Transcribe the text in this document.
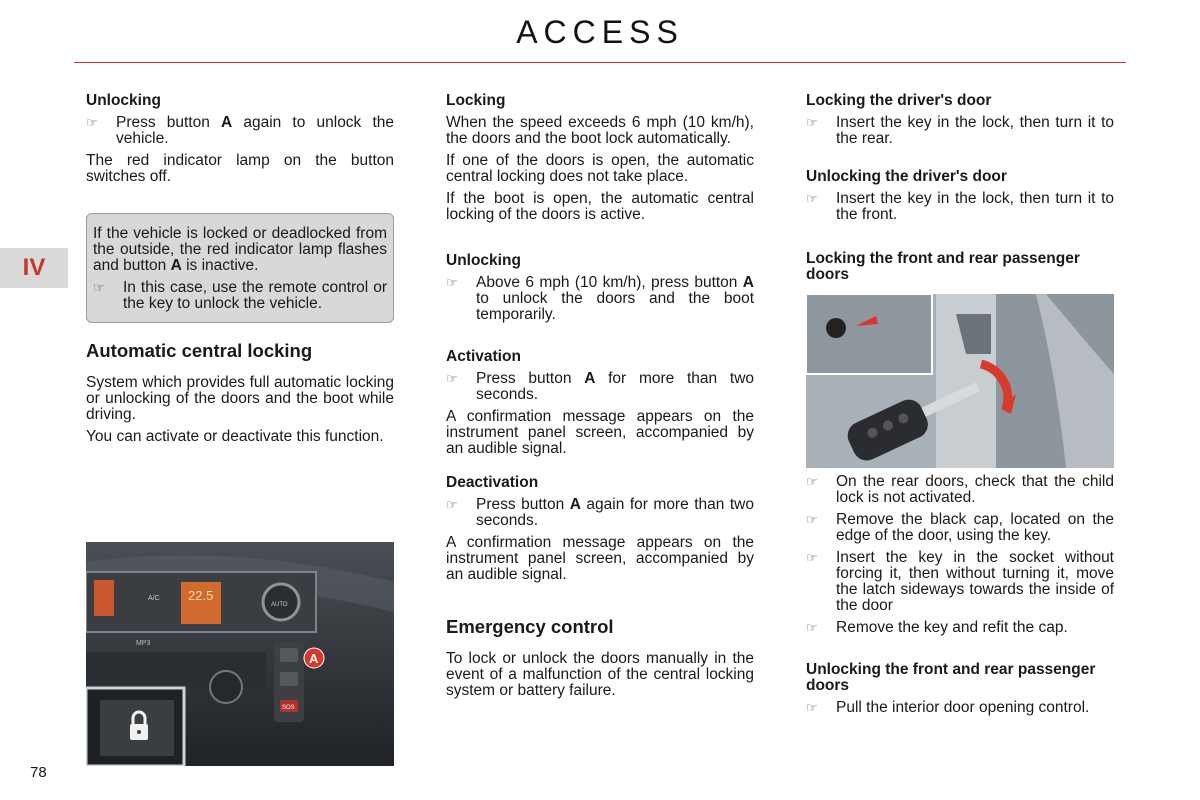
ACCESS
IV
78
Unlocking
☞	Press button A again to unlock the vehicle.

The red indicator lamp on the button switches off.

If the vehicle is locked or deadlocked from the outside, the red indicator lamp flashes and button A is inactive.

☞	In this case, use the remote control or the key to unlock the vehicle.
Automatic central locking

System which provides full automatic locking or unlocking of the doors and the boot while driving.

You can activate or deactivate this function.

22.5
AUTO
A/C
MP3
SOS
A
Locking

When the speed exceeds 6 mph (10 km/h), the doors and the boot lock automatically.

If one of the doors is open, the automatic central locking does not take place.

If the boot is open, the automatic central locking of the doors is active.

Unlocking
☞	Above 6 mph (10 km/h), press button A to unlock the doors and the boot temporarily.
Activation
☞	Press button A for more than two seconds.

A confirmation message appears on the instrument panel screen, accompanied by an audible signal.

Deactivation
☞	Press button A again for more than two seconds.

A confirmation message appears on the instrument panel screen, accompanied by an audible signal.

Emergency control

To lock or unlock the doors manually in the event of a malfunction of the central locking system or battery failure.

Locking the driver's door
☞	Insert the key in the lock, then turn it to the rear.
Unlocking the driver's door
☞	Insert the key in the lock, then turn it to the front.
Locking the front and rear passenger doors
☞	On the rear doors, check that the child lock is not activated.
☞	Remove the black cap, located on the edge of the door, using the key.
☞	Insert the key in the socket without forcing it, then without turning it, move the latch sideways towards the inside of the door
☞	Remove the key and refit the cap.
Unlocking the front and rear passenger doors
☞	Pull the interior door opening control.
